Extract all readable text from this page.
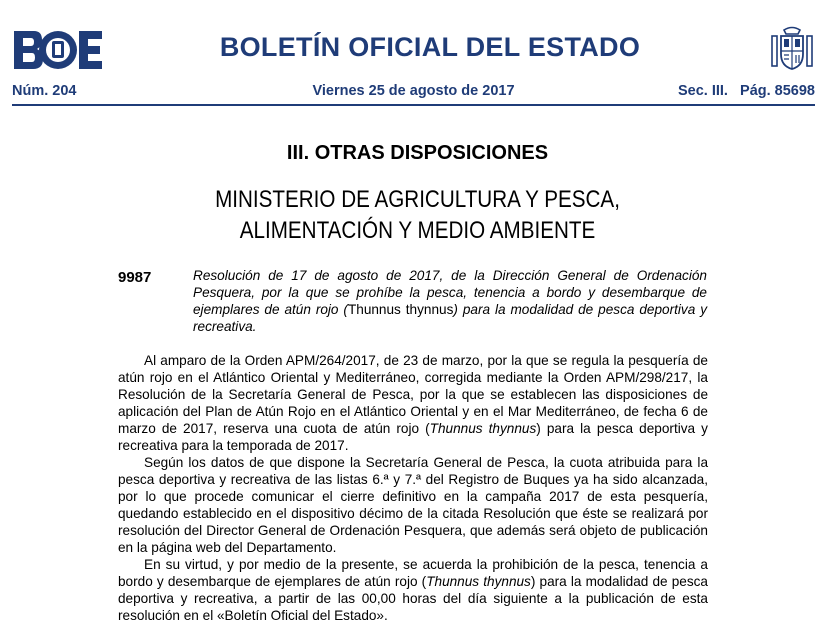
BOLETÍN OFICIAL DEL ESTADO
Núm. 204	Viernes 25 de agosto de 2017	Sec. III.   Pág. 85698
III. OTRAS DISPOSICIONES
MINISTERIO DE AGRICULTURA Y PESCA,
ALIMENTACIÓN Y MEDIO AMBIENTE
9987	Resolución de 17 de agosto de 2017, de la Dirección General de Ordenación Pesquera, por la que se prohíbe la pesca, tenencia a bordo y desembarque de ejemplares de atún rojo (Thunnus thynnus) para la modalidad de pesca deportiva y recreativa.

Al amparo de la Orden APM/264/2017, de 23 de marzo, por la que se regula la pesquería de atún rojo en el Atlántico Oriental y Mediterráneo, corregida mediante la Orden APM/298/217, la Resolución de la Secretaría General de Pesca, por la que se establecen las disposiciones de aplicación del Plan de Atún Rojo en el Atlántico Oriental y en el Mar Mediterráneo, de fecha 6 de marzo de 2017, reserva una cuota de atún rojo (Thunnus thynnus) para la pesca deportiva y recreativa para la temporada de 2017.

Según los datos de que dispone la Secretaría General de Pesca, la cuota atribuida para la pesca deportiva y recreativa de las listas 6.ª y 7.ª del Registro de Buques ya ha sido alcanzada, por lo que procede comunicar el cierre definitivo en la campaña 2017 de esta pesquería, quedando establecido en el dispositivo décimo de la citada Resolución que éste se realizará por resolución del Director General de Ordenación Pesquera, que además será objeto de publicación en la página web del Departamento.

En su virtud, y por medio de la presente, se acuerda la prohibición de la pesca, tenencia a bordo y desembarque de ejemplares de atún rojo (Thunnus thynnus) para la modalidad de pesca deportiva y recreativa, a partir de las 00,00 horas del día siguiente a la publicación de esta resolución en el «Boletín Oficial del Estado».
